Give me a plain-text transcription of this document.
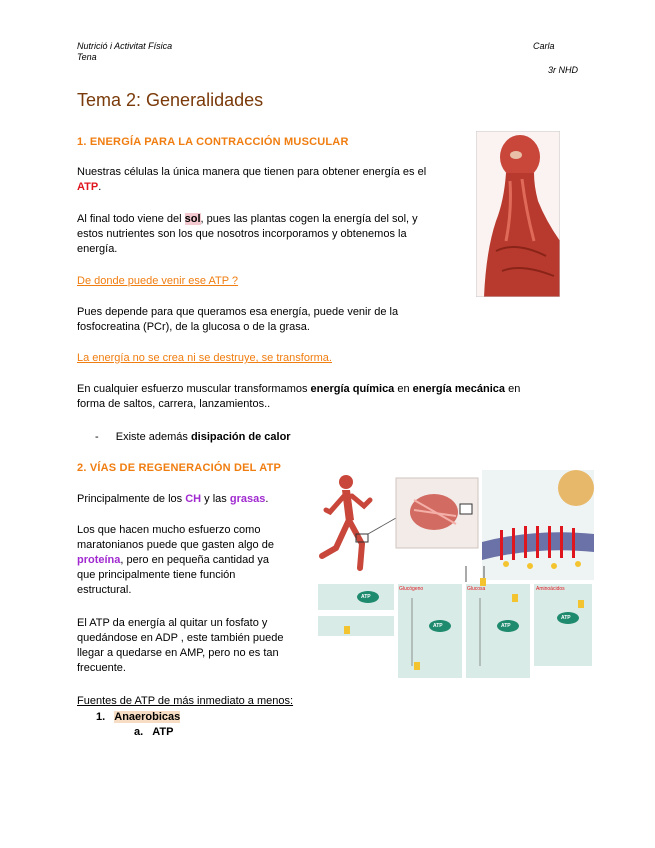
Nutrició i Activitat Física
Tena
Carla
3r NHD
Tema 2: Generalidades
1. ENERGÍA PARA LA CONTRACCIÓN MUSCULAR
Nuestras células la única manera que tienen para obtener energía es el
ATP.
Al final todo viene del sol, pues las plantas cogen la energía del sol, y
estos nutrientes son los que nosotros incorporamos y obtenemos la
energía.
De donde puede venir ese ATP ?
Pues depende para que queramos esa energía, puede venir de la
fosfocreatina (PCr), de la glucosa o de la grasa.
La energía no se crea ni se destruye, se transforma.
En cualquier esfuerzo muscular transformamos energía química en energía mecánica en
forma de saltos, carrera, lanzamientos..
- Existe además disipación de calor
2. VÍAS DE REGENERACIÓN DEL ATP
Principalmente de los CH y las grasas.
Los que hacen mucho esfuerzo como
maratonianos puede que gasten algo de
proteína, pero en pequeña cantidad ya
que principalmente tiene función
estructural.
El ATP da energía al quitar un fosfato y
quedándose en ADP , este también puede
llegar a quedarse en AMP, pero no es tan
frecuente.
Fuentes de ATP de más inmediato a menos:
1. Anaerobicas
a. ATP
Glucógeno	Glucosa	Aminoácidos
ATP
ATP	ATP
ATP
